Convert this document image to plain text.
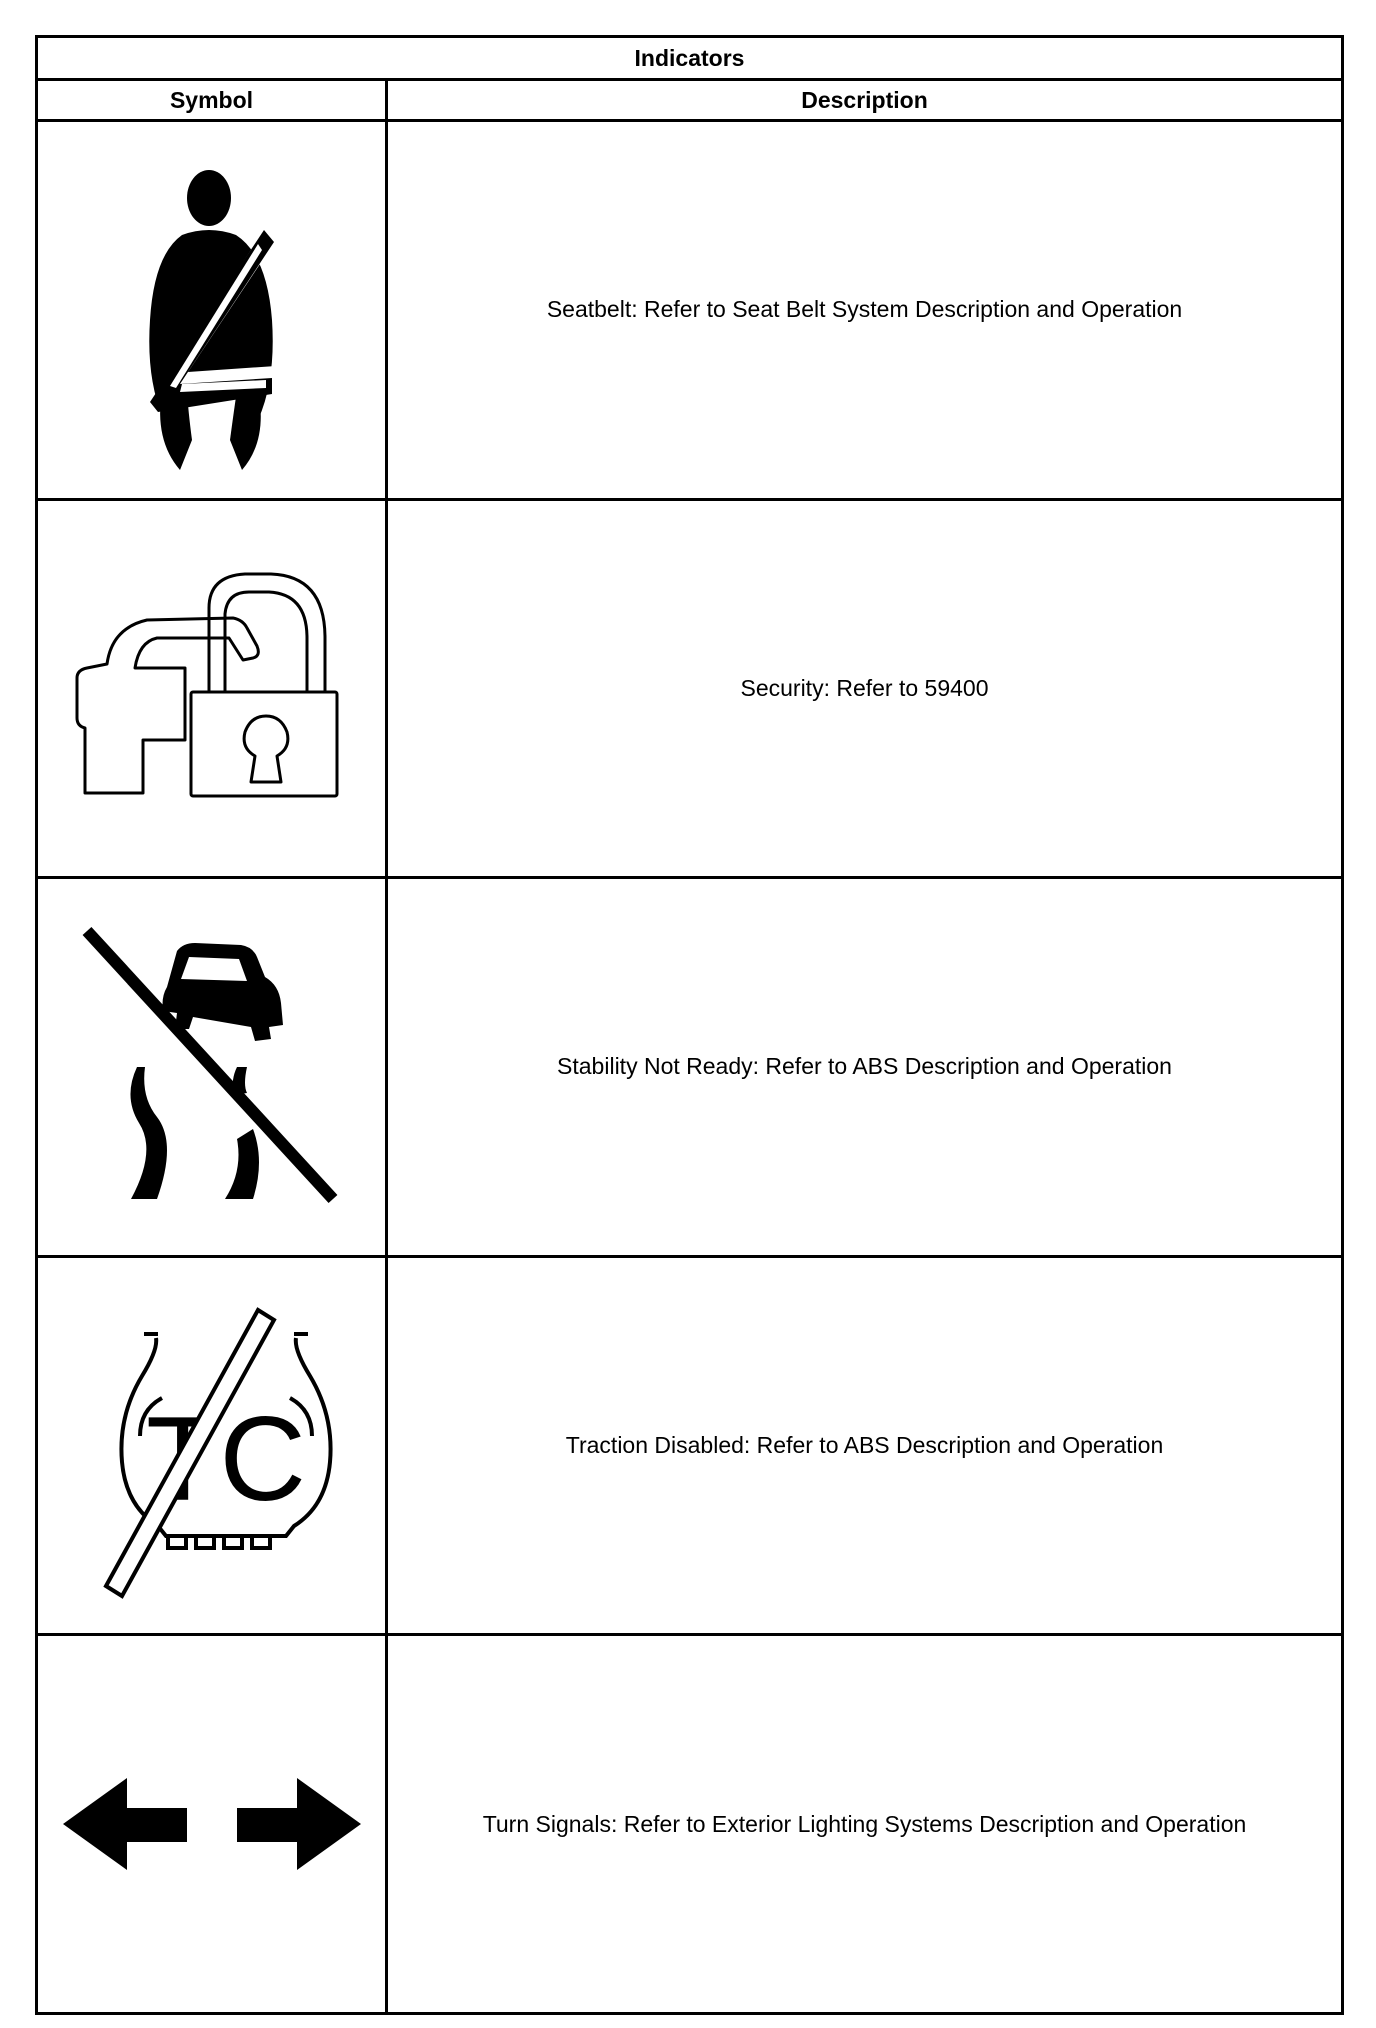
Indicators	
Symbol	Description

	Seatbelt: Refer to Seat Belt System Description and Operation

	Security: Refer to 59400

	Stability Not Ready: Refer to ABS Description and Operation

TC	Traction Disabled: Refer to ABS Description and Operation

	Turn Signals: Refer to Exterior Lighting Systems Description and Operation
